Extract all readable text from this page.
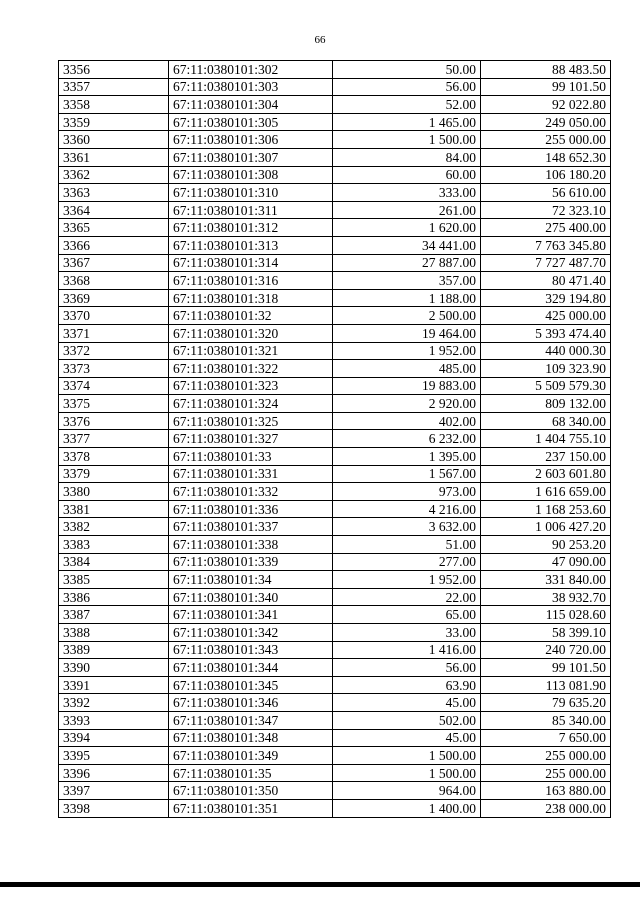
66
3356	67:11:0380101:302	50.00	88 483.50
3357	67:11:0380101:303	56.00	99 101.50
3358	67:11:0380101:304	52.00	92 022.80
3359	67:11:0380101:305	1 465.00	249 050.00
3360	67:11:0380101:306	1 500.00	255 000.00
3361	67:11:0380101:307	84.00	148 652.30
3362	67:11:0380101:308	60.00	106 180.20
3363	67:11:0380101:310	333.00	56 610.00
3364	67:11:0380101:311	261.00	72 323.10
3365	67:11:0380101:312	1 620.00	275 400.00
3366	67:11:0380101:313	34 441.00	7 763 345.80
3367	67:11:0380101:314	27 887.00	7 727 487.70
3368	67:11:0380101:316	357.00	80 471.40
3369	67:11:0380101:318	1 188.00	329 194.80
3370	67:11:0380101:32	2 500.00	425 000.00
3371	67:11:0380101:320	19 464.00	5 393 474.40
3372	67:11:0380101:321	1 952.00	440 000.30
3373	67:11:0380101:322	485.00	109 323.90
3374	67:11:0380101:323	19 883.00	5 509 579.30
3375	67:11:0380101:324	2 920.00	809 132.00
3376	67:11:0380101:325	402.00	68 340.00
3377	67:11:0380101:327	6 232.00	1 404 755.10
3378	67:11:0380101:33	1 395.00	237 150.00
3379	67:11:0380101:331	1 567.00	2 603 601.80
3380	67:11:0380101:332	973.00	1 616 659.00
3381	67:11:0380101:336	4 216.00	1 168 253.60
3382	67:11:0380101:337	3 632.00	1 006 427.20
3383	67:11:0380101:338	51.00	90 253.20
3384	67:11:0380101:339	277.00	47 090.00
3385	67:11:0380101:34	1 952.00	331 840.00
3386	67:11:0380101:340	22.00	38 932.70
3387	67:11:0380101:341	65.00	115 028.60
3388	67:11:0380101:342	33.00	58 399.10
3389	67:11:0380101:343	1 416.00	240 720.00
3390	67:11:0380101:344	56.00	99 101.50
3391	67:11:0380101:345	63.90	113 081.90
3392	67:11:0380101:346	45.00	79 635.20
3393	67:11:0380101:347	502.00	85 340.00
3394	67:11:0380101:348	45.00	7 650.00
3395	67:11:0380101:349	1 500.00	255 000.00
3396	67:11:0380101:35	1 500.00	255 000.00
3397	67:11:0380101:350	964.00	163 880.00
3398	67:11:0380101:351	1 400.00	238 000.00
